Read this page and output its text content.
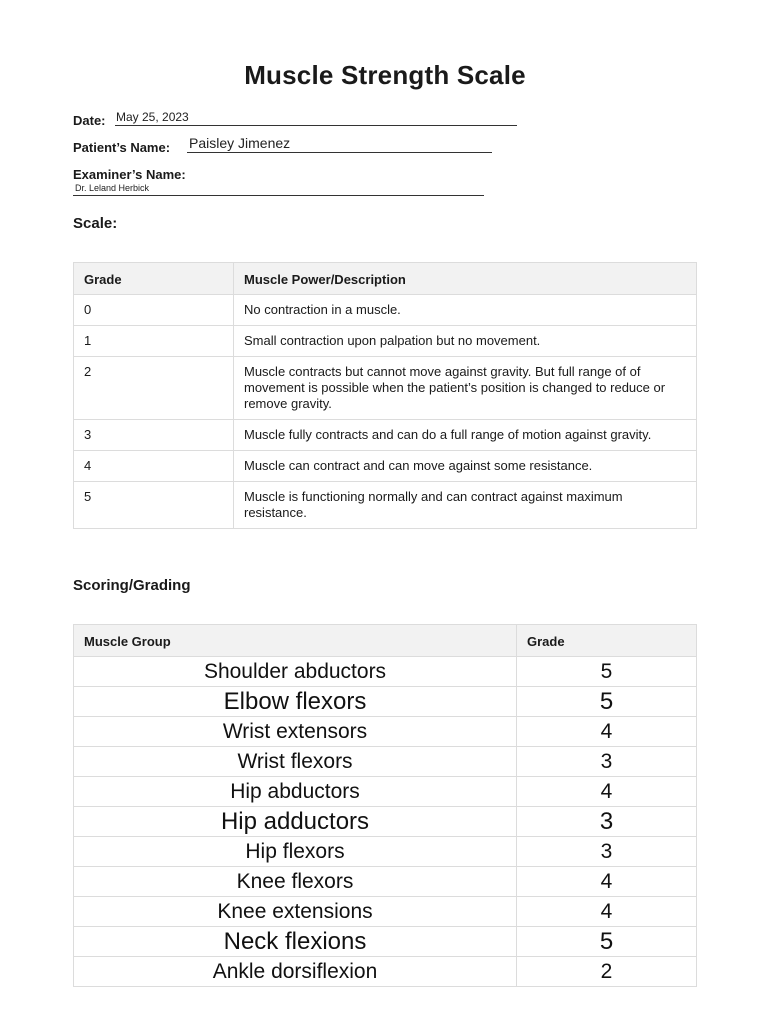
Muscle Strength Scale
Date: May 25, 2023
Patient’s Name: Paisley Jimenez
Examiner’s Name:
Dr. Leland Herbick
Scale:
Grade	Muscle Power/Description
0	No contraction in a muscle.
1	Small contraction upon palpation but no movement.
2	Muscle contracts but cannot move against gravity. But full range of of movement is possible when the patient’s position is changed to reduce or remove gravity.
3	Muscle fully contracts and can do a full range of motion against gravity.
4	Muscle can contract and can move against some resistance.
5	Muscle is functioning normally and can contract against maximum resistance.
Scoring/Grading
Muscle Group	Grade
Shoulder abductors	5
Elbow flexors	5
Wrist extensors	4
Wrist flexors	3
Hip abductors	4
Hip adductors	3
Hip flexors	3
Knee flexors	4
Knee extensions	4
Neck flexions	5
Ankle dorsiflexion	2
